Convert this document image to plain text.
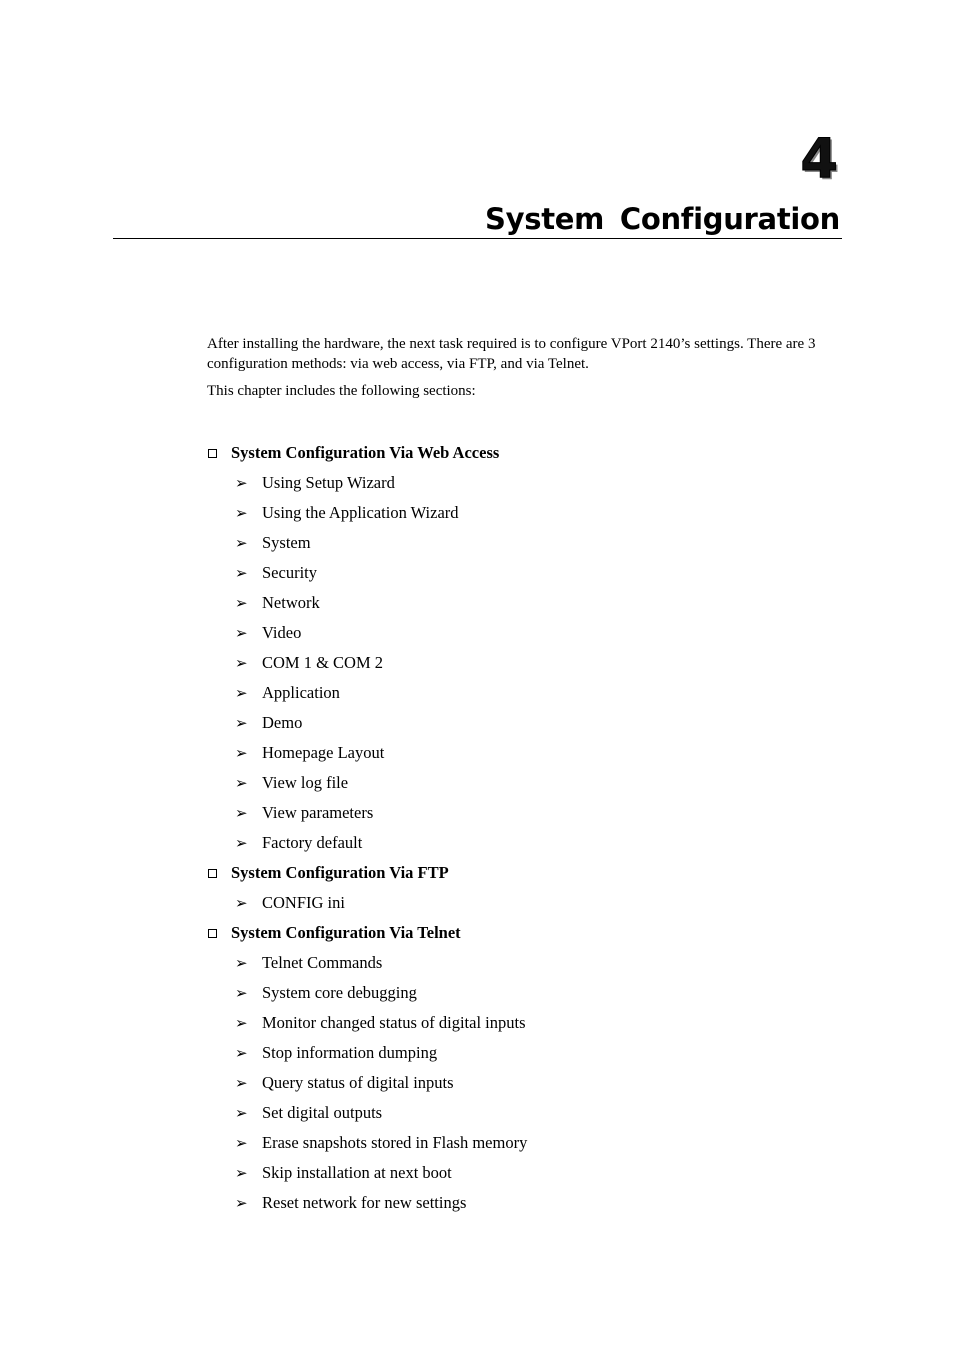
4
System Configuration

After installing the hardware, the next task required is to configure VPort 2140’s settings. There are 3 configuration methods: via web access, via FTP, and via Telnet.

This chapter includes the following sections:

System Configuration Via Web Access
➢ Using Setup Wizard
➢ Using the Application Wizard
➢ System
➢ Security
➢ Network
➢ Video
➢ COM 1 & COM 2
➢ Application
➢ Demo
➢ Homepage Layout
➢ View log file
➢ View parameters
➢ Factory default
System Configuration Via FTP
➢ CONFIG ini
System Configuration Via Telnet
➢ Telnet Commands
➢ System core debugging
➢ Monitor changed status of digital inputs
➢ Stop information dumping
➢ Query status of digital inputs
➢ Set digital outputs
➢ Erase snapshots stored in Flash memory
➢ Skip installation at next boot
➢ Reset network for new settings
